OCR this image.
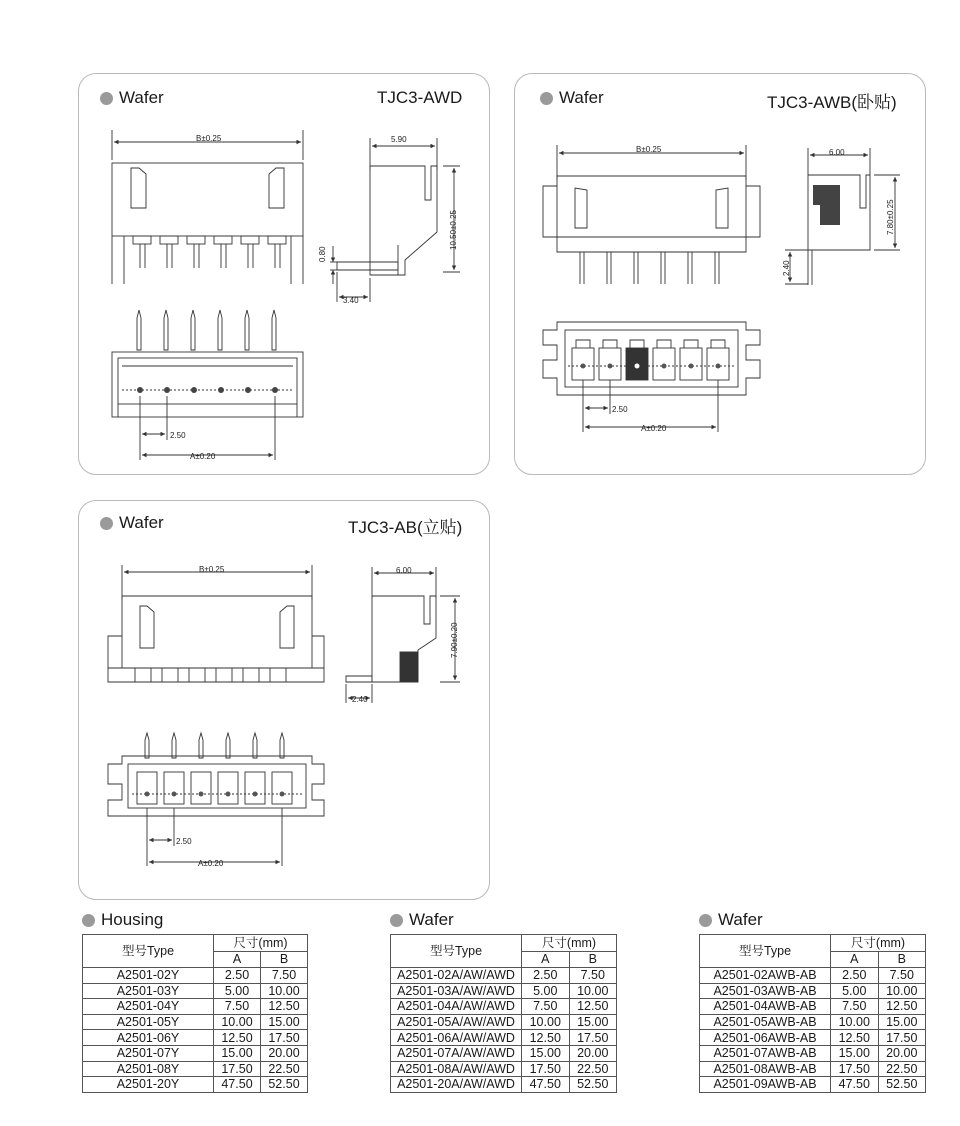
Wafer	TJC3-AWD	Wafer	TJC3-AWB(卧贴)
Wafer	TJC3-AB(立贴)
B±0.25	5.90
10.50±0.25
0.80
3.40
2.50
A±0.20
B±0.25	6.00
7.80±0.25
2.40
2.50
A±0.20
B±0.25	6.00
7.90±0.20
2.40
2.50
A±0.20
Housing
型号Type	尺寸(mm)	
	A	B
A2501-02Y	2.50	7.50
A2501-03Y	5.00	10.00
A2501-04Y	7.50	12.50
A2501-05Y	10.00	15.00
A2501-06Y	12.50	17.50
A2501-07Y	15.00	20.00
A2501-08Y	17.50	22.50
A2501-20Y	47.50	52.50
Wafer
型号Type	尺寸(mm)	
	A	B
A2501-02A/AW/AWD	2.50	7.50
A2501-03A/AW/AWD	5.00	10.00
A2501-04A/AW/AWD	7.50	12.50
A2501-05A/AW/AWD	10.00	15.00
A2501-06A/AW/AWD	12.50	17.50
A2501-07A/AW/AWD	15.00	20.00
A2501-08A/AW/AWD	17.50	22.50
A2501-20A/AW/AWD	47.50	52.50
Wafer
型号Type	尺寸(mm)	
	A	B
A2501-02AWB-AB	2.50	7.50
A2501-03AWB-AB	5.00	10.00
A2501-04AWB-AB	7.50	12.50
A2501-05AWB-AB	10.00	15.00
A2501-06AWB-AB	12.50	17.50
A2501-07AWB-AB	15.00	20.00
A2501-08AWB-AB	17.50	22.50
A2501-09AWB-AB	47.50	52.50
